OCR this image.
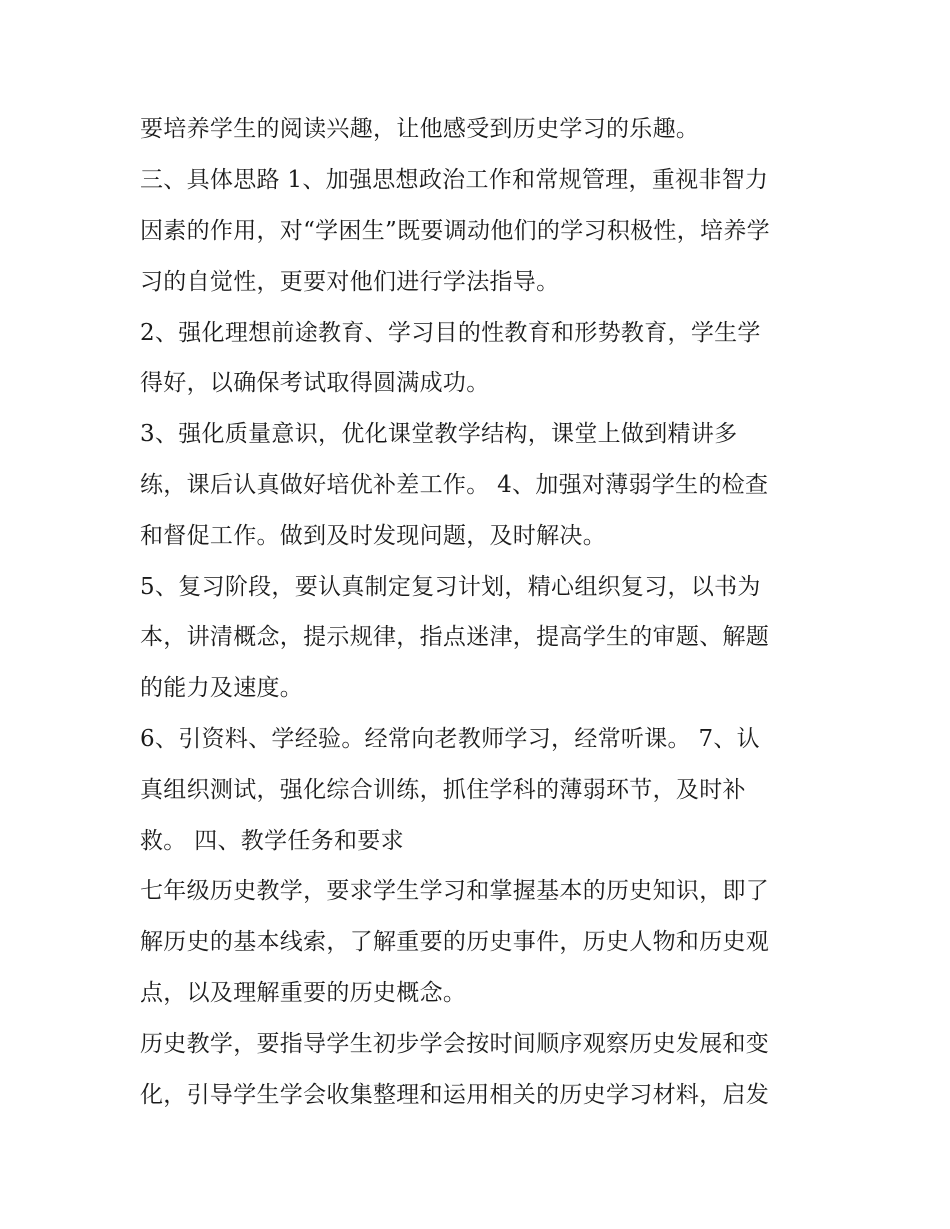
要培养学生的阅读兴趣，让他感受到历史学习的乐趣。
三、具体思路 1、加强思想政治工作和常规管理，重视非智力
因素的作用，对“学困生”既要调动他们的学习积极性，培养学
习的自觉性，更要对他们进行学法指导。
2、强化理想前途教育、学习目的性教育和形势教育，学生学
得好，以确保考试取得圆满成功。
3、强化质量意识，优化课堂教学结构，课堂上做到精讲多
练，课后认真做好培优补差工作。 4、加强对薄弱学生的检查
和督促工作。做到及时发现问题，及时解决。
5、复习阶段，要认真制定复习计划，精心组织复习，以书为
本，讲清概念，提示规律，指点迷津，提高学生的审题、解题
的能力及速度。
6、引资料、学经验。经常向老教师学习，经常听课。 7、认
真组织测试，强化综合训练，抓住学科的薄弱环节，及时补
救。 四、教学任务和要求
七年级历史教学，要求学生学习和掌握基本的历史知识，即了
解历史的基本线索，了解重要的历史事件，历史人物和历史观
点，以及理解重要的历史概念。
历史教学，要指导学生初步学会按时间顺序观察历史发展和变
化，引导学生学会收集整理和运用相关的历史学习材料，启发
